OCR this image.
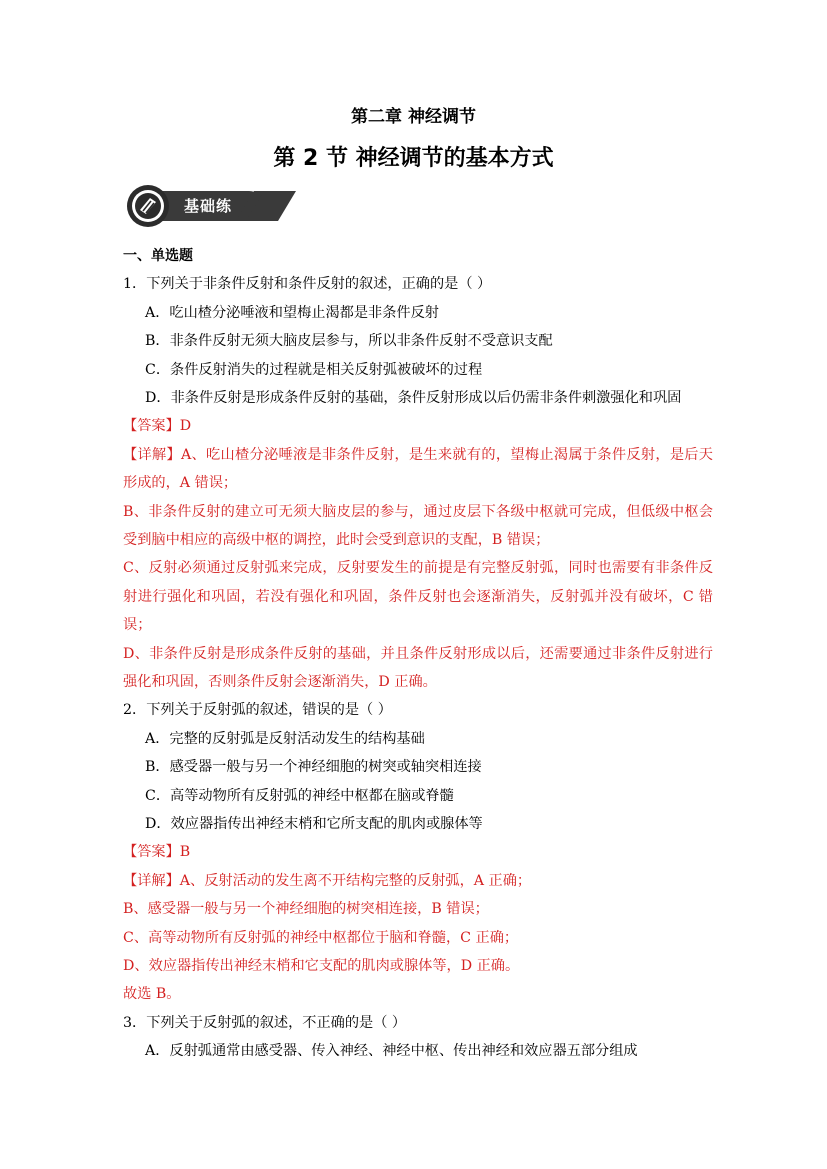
第二章 神经调节
第 2 节 神经调节的基本方式
基础练
一、单选题
1．下列关于非条件反射和条件反射的叙述，正确的是（ ）
A．吃山楂分泌唾液和望梅止渴都是非条件反射
B．非条件反射无须大脑皮层参与，所以非条件反射不受意识支配
C．条件反射消失的过程就是相关反射弧被破坏的过程
D．非条件反射是形成条件反射的基础，条件反射形成以后仍需非条件刺激强化和巩固
【答案】D
【详解】A、吃山楂分泌唾液是非条件反射，是生来就有的，望梅止渴属于条件反射，是后天形成的，A 错误；
B、非条件反射的建立可无须大脑皮层的参与，通过皮层下各级中枢就可完成，但低级中枢会受到脑中相应的高级中枢的调控，此时会受到意识的支配，B 错误；
C、反射必须通过反射弧来完成，反射要发生的前提是有完整反射弧，同时也需要有非条件反射进行强化和巩固，若没有强化和巩固，条件反射也会逐渐消失，反射弧并没有破坏，C 错误；
D、非条件反射是形成条件反射的基础，并且条件反射形成以后，还需要通过非条件反射进行强化和巩固，否则条件反射会逐渐消失，D 正确。
2．下列关于反射弧的叙述，错误的是（ ）
A．完整的反射弧是反射活动发生的结构基础
B．感受器一般与另一个神经细胞的树突或轴突相连接
C．高等动物所有反射弧的神经中枢都在脑或脊髓
D．效应器指传出神经末梢和它所支配的肌肉或腺体等
【答案】B
【详解】A、反射活动的发生离不开结构完整的反射弧，A 正确；
B、感受器一般与另一个神经细胞的树突相连接，B 错误；
C、高等动物所有反射弧的神经中枢都位于脑和脊髓，C 正确；
D、效应器指传出神经末梢和它支配的肌肉或腺体等，D 正确。
故选 B。
3．下列关于反射弧的叙述，不正确的是（ ）
A．反射弧通常由感受器、传入神经、神经中枢、传出神经和效应器五部分组成
